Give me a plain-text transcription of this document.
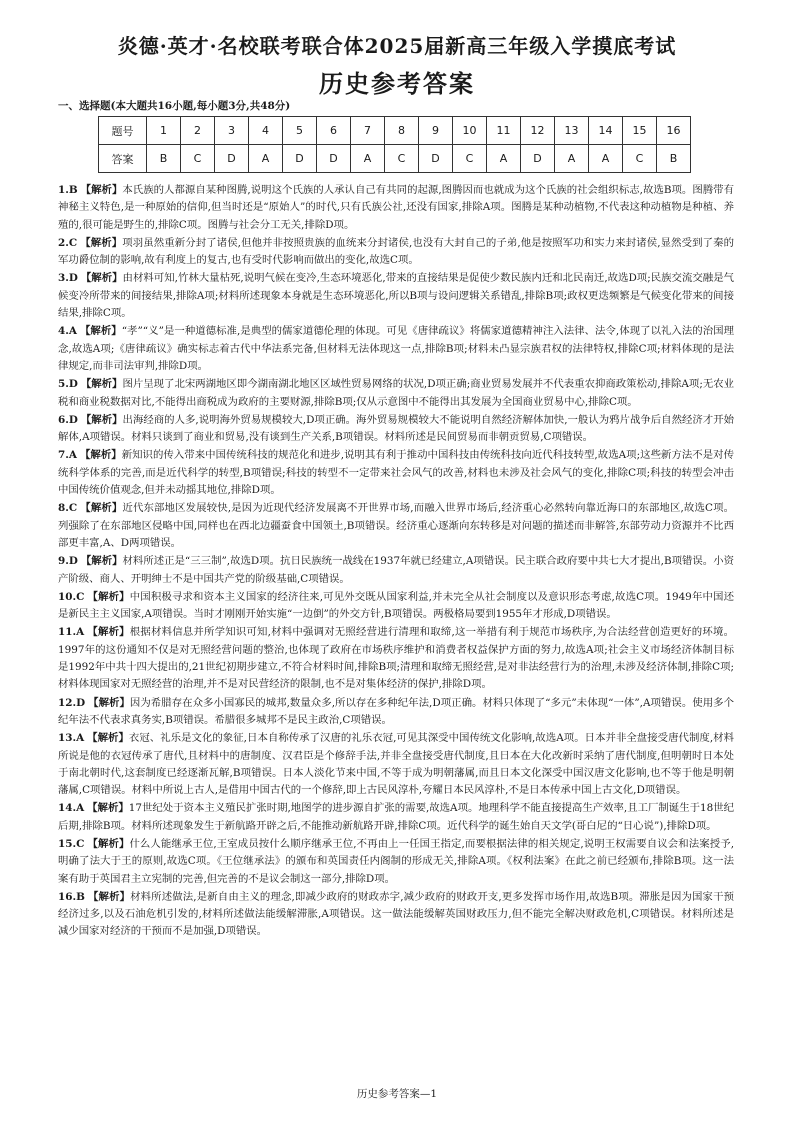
炎德·英才·名校联考联合体2025届新高三年级入学摸底考试
历史参考答案
一、选择题(本大题共16小题,每小题3分,共48分)
题号	1	2	3	4	5	6	7	8	9	10	11	12	13	14	15	16
答案	B	C	D	A	D	D	A	C	D	C	A	D	A	A	C	B
1.B 【解析】本氏族的人都源自某种图腾,说明这个氏族的人承认自己有共同的起源,图腾因而也就成为这个氏族的社会组织标志,故选B项。图腾带有神秘主义特色,是一种原始的信仰,但当时还是“原始人”的时代,只有氏族公社,还没有国家,排除A项。图腾是某种动植物,不代表这种动植物是种植、养殖的,很可能是野生的,排除C项。图腾与社会分工无关,排除D项。
2.C 【解析】项羽虽然重新分封了诸侯,但他并非按照贵族的血统来分封诸侯,也没有大封自己的子弟,他是按照军功和实力来封诸侯,显然受到了秦的军功爵位制的影响,故有利度上的复古,也有受时代影响而做出的变化,故选C项。
3.D 【解析】由材料可知,竹林大量枯死,说明气候在变冷,生态环境恶化,带来的直接结果是促使少数民族内迁和北民南迁,故选D项;民族交流交融是气候变冷所带来的间接结果,排除A项;材料所述现象本身就是生态环境恶化,所以B项与设问逻辑关系错乱,排除B项;政权更迭频繁是气候变化带来的间接结果,排除C项。
4.A 【解析】“孝”“义”是一种道德标准,是典型的儒家道德伦理的体现。可见《唐律疏议》将儒家道德精神注入法律、法令,体现了以礼入法的治国理念,故选A项;《唐律疏议》确实标志着古代中华法系完备,但材料无法体现这一点,排除B项;材料未凸显宗族君权的法律特权,排除C项;材料体现的是法律规定,而非司法审判,排除D项。
5.D 【解析】图片呈现了北宋两湖地区即今湖南湖北地区区域性贸易网络的状况,D项正确;商业贸易发展并不代表重农抑商政策松动,排除A项;无农业税和商业税数据对比,不能得出商税成为政府的主要财源,排除B项;仅从示意图中不能得出其发展为全国商业贸易中心,排除C项。
6.D 【解析】出海经商的人多,说明海外贸易规模较大,D项正确。海外贸易规模较大不能说明自然经济解体加快,一般认为鸦片战争后自然经济才开始解体,A项错误。材料只谈到了商业和贸易,没有谈到生产关系,B项错误。材料所述是民间贸易而非朝贡贸易,C项错误。
7.A 【解析】新知识的传入带来中国传统科技的规范化和进步,说明其有利于推动中国科技由传统科技向近代科技转型,故选A项;这些新方法不是对传统科学体系的完善,而是近代科学的转型,B项错误;科技的转型不一定带来社会风气的改善,材料也未涉及社会风气的变化,排除C项;科技的转型会冲击中国传统价值观念,但并未动摇其地位,排除D项。
8.C 【解析】近代东部地区发展较快,是因为近现代经济发展离不开世界市场,而融入世界市场后,经济重心必然转向靠近海口的东部地区,故选C项。列强除了在东部地区侵略中国,同样也在西北边疆蚕食中国领土,B项错误。经济重心逐渐向东转移是对问题的描述而非解答,东部劳动力资源并不比西部更丰富,A、D两项错误。
9.D 【解析】材料所述正是“三三制”,故选D项。抗日民族统一战线在1937年就已经建立,A项错误。民主联合政府要中共七大才提出,B项错误。小资产阶级、商人、开明绅士不是中国共产党的阶级基础,C项错误。
10.C 【解析】中国积极寻求和资本主义国家的经济往来,可见外交既从国家利益,并未完全从社会制度以及意识形态考虑,故选C项。1949年中国还是新民主主义国家,A项错误。当时才刚刚开始实施“一边倒”的外交方针,B项错误。两极格局要到1955年才形成,D项错误。
11.A 【解析】根据材料信息并所学知识可知,材料中强调对无照经营进行清理和取缔,这一举措有利于规范市场秩序,为合法经营创造更好的环境。1997年的这份通知不仅是对无照经营问题的整治,也体现了政府在市场秩序维护和消费者权益保护方面的努力,故选A项;社会主义市场经济体制目标是1992年中共十四大提出的,21世纪初期步建立,不符合材料时间,排除B项;清理和取缔无照经营,是对非法经营行为的治理,未涉及经济体制,排除C项;材料体现国家对无照经营的治理,并不是对民营经济的限制,也不是对集体经济的保护,排除D项。
12.D 【解析】因为希腊存在众多小国寡民的城邦,数量众多,所以存在多种纪年法,D项正确。材料只体现了“多元”未体现“一体”,A项错误。使用多个纪年法不代表求真务实,B项错误。希腊很多城邦不是民主政治,C项错误。
13.A 【解析】衣冠、礼乐是文化的象征,日本自称传承了汉唐的礼乐衣冠,可见其深受中国传统文化影响,故选A项。日本并非全盘接受唐代制度,材料所说是他的衣冠传承了唐代,且材料中的唐制度、汉君臣是个修辞手法,并非全盘接受唐代制度,且日本在大化改新时采纳了唐代制度,但明朝时日本处于南北朝时代,这套制度已经逐渐瓦解,B项错误。日本人淡化节来中国,不等于成为明朝藩属,而且日本文化深受中国汉唐文化影响,也不等于他是明朝藩属,C项错误。材料中所说上古人,是借用中国古代的一个修辞,即上古民风淳朴,夸耀日本民风淳朴,不是日本传承中国上古文化,D项错误。
14.A 【解析】17世纪处于资本主义殖民扩张时期,地图学的进步源自扩张的需要,故选A项。地理科学不能直接提高生产效率,且工厂制诞生于18世纪后期,排除B项。材料所述现象发生于新航路开辟之后,不能推动新航路开辟,排除C项。近代科学的诞生始自天文学(哥白尼的“日心说”),排除D项。
15.C 【解析】什么人能继承王位,王室成员按什么顺序继承王位,不再由上一任国王指定,而要根据法律的相关规定,说明王权需要自议会和法案授予,明确了法大于王的原则,故选C项。《王位继承法》的颁布和英国责任内阁制的形成无关,排除A项。《权利法案》在此之前已经颁布,排除B项。这一法案有助于英国君主立宪制的完善,但完善的不是议会制这一部分,排除D项。
16.B 【解析】材料所述做法,是新自由主义的理念,即减少政府的财政赤字,减少政府的财政开支,更多发挥市场作用,故选B项。滞胀是因为国家干预经济过多,以及石油危机引发的,材料所述做法能缓解滞胀,A项错误。这一做法能缓解英国财政压力,但不能完全解决财政危机,C项错误。材料所述是减少国家对经济的干预而不是加强,D项错误。
历史参考答案—1
